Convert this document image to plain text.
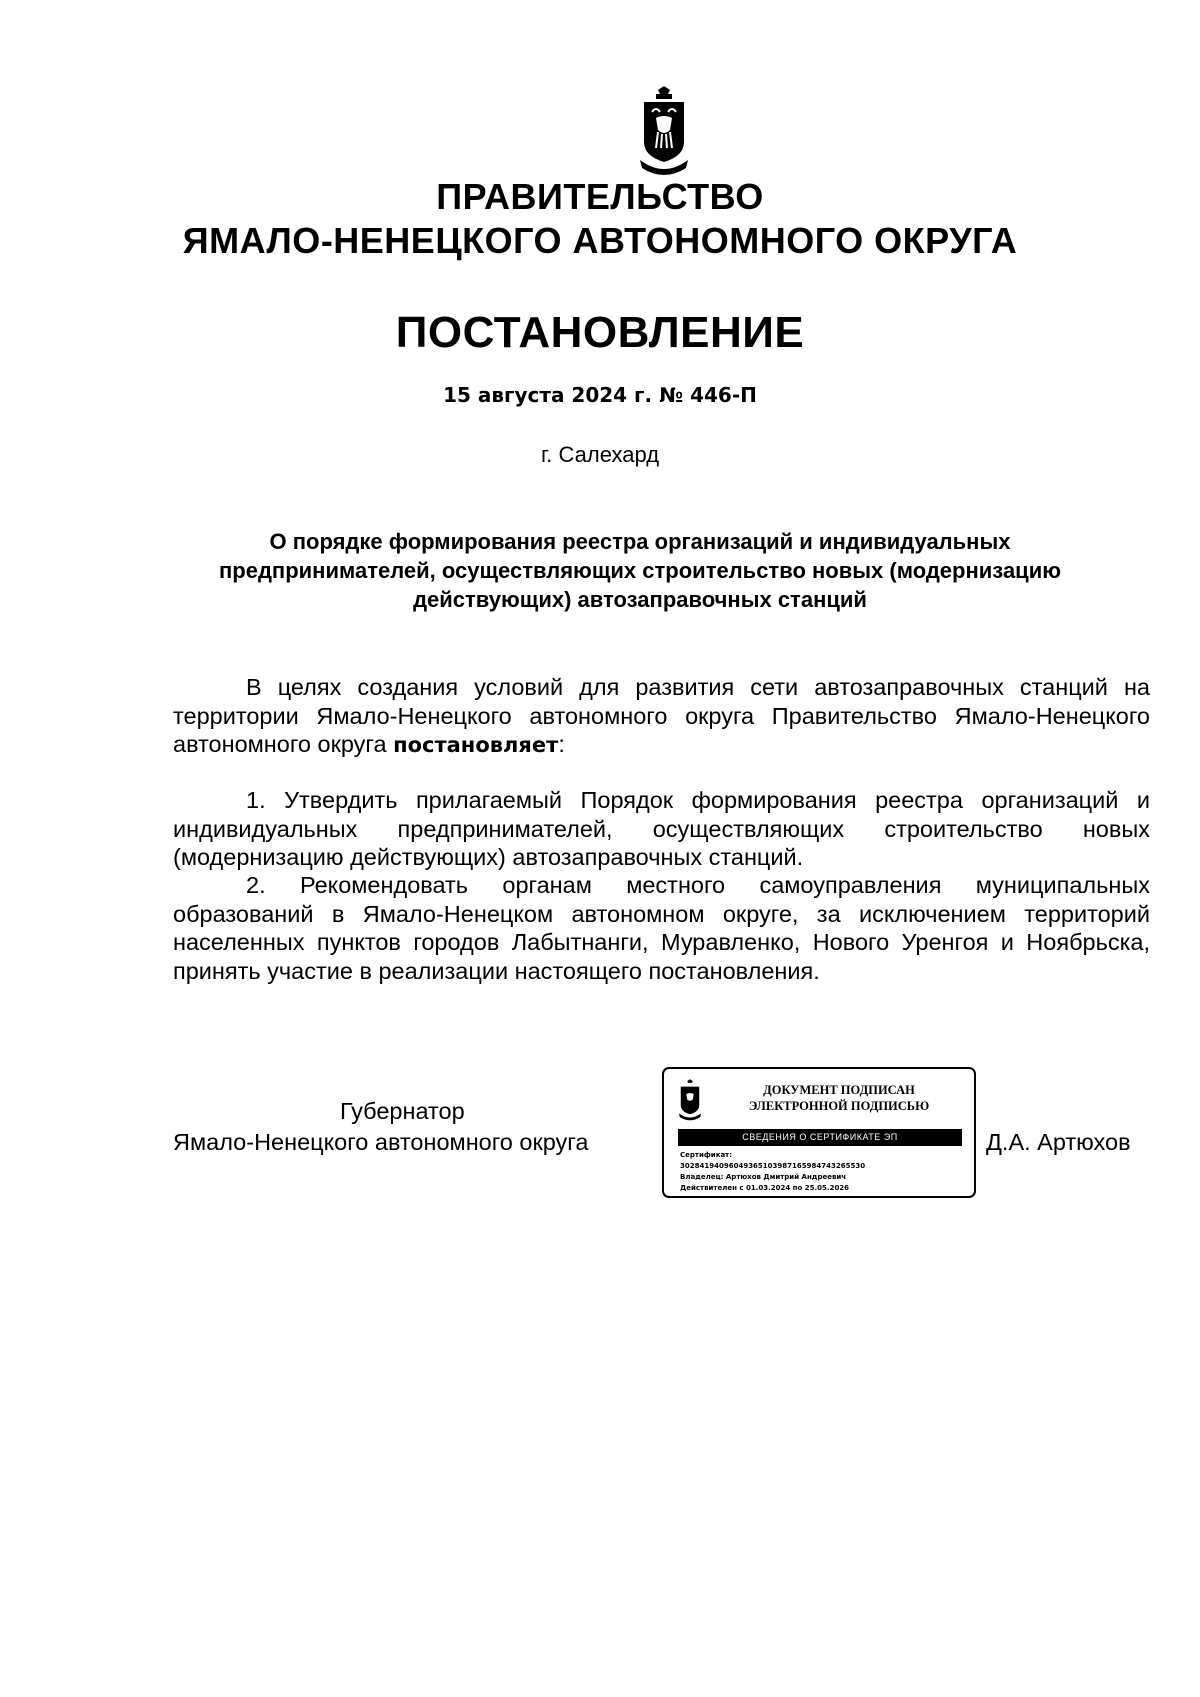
ПРАВИТЕЛЬСТВО
ЯМАЛО-НЕНЕЦКОГО АВТОНОМНОГО ОКРУГА
ПОСТАНОВЛЕНИЕ
15 августа 2024 г. № 446-П
г. Салехард
О порядке формирования реестра организаций и индивидуальных предпринимателей, осуществляющих строительство новых (модернизацию действующих) автозаправочных станций
В целях создания условий для развития сети автозаправочных станций на территории Ямало-Ненецкого автономного округа Правительство Ямало-Ненецкого автономного округа постановляет:
1. Утвердить прилагаемый Порядок формирования реестра организаций и индивидуальных предпринимателей, осуществляющих строительство новых (модернизацию действующих) автозаправочных станций.
2. Рекомендовать органам местного самоуправления муниципальных образований в Ямало-Ненецком автономном округе, за исключением территорий населенных пунктов городов Лабытнанги, Муравленко, Нового Уренгоя и Ноябрьска, принять участие в реализации настоящего постановления.
Губернатор
Ямало-Ненецкого автономного округа	Д.А. Артюхов
ДОКУМЕНТ ПОДПИСАН
ЭЛЕКТРОННОЙ ПОДПИСЬЮ
СВЕДЕНИЯ О СЕРТИФИКАТЕ ЭП
Сертификат:
30284194096049365103987165984743265530
Владелец: Артюхов Дмитрий Андреевич
Действителен с 01.03.2024 по 25.05.2026
